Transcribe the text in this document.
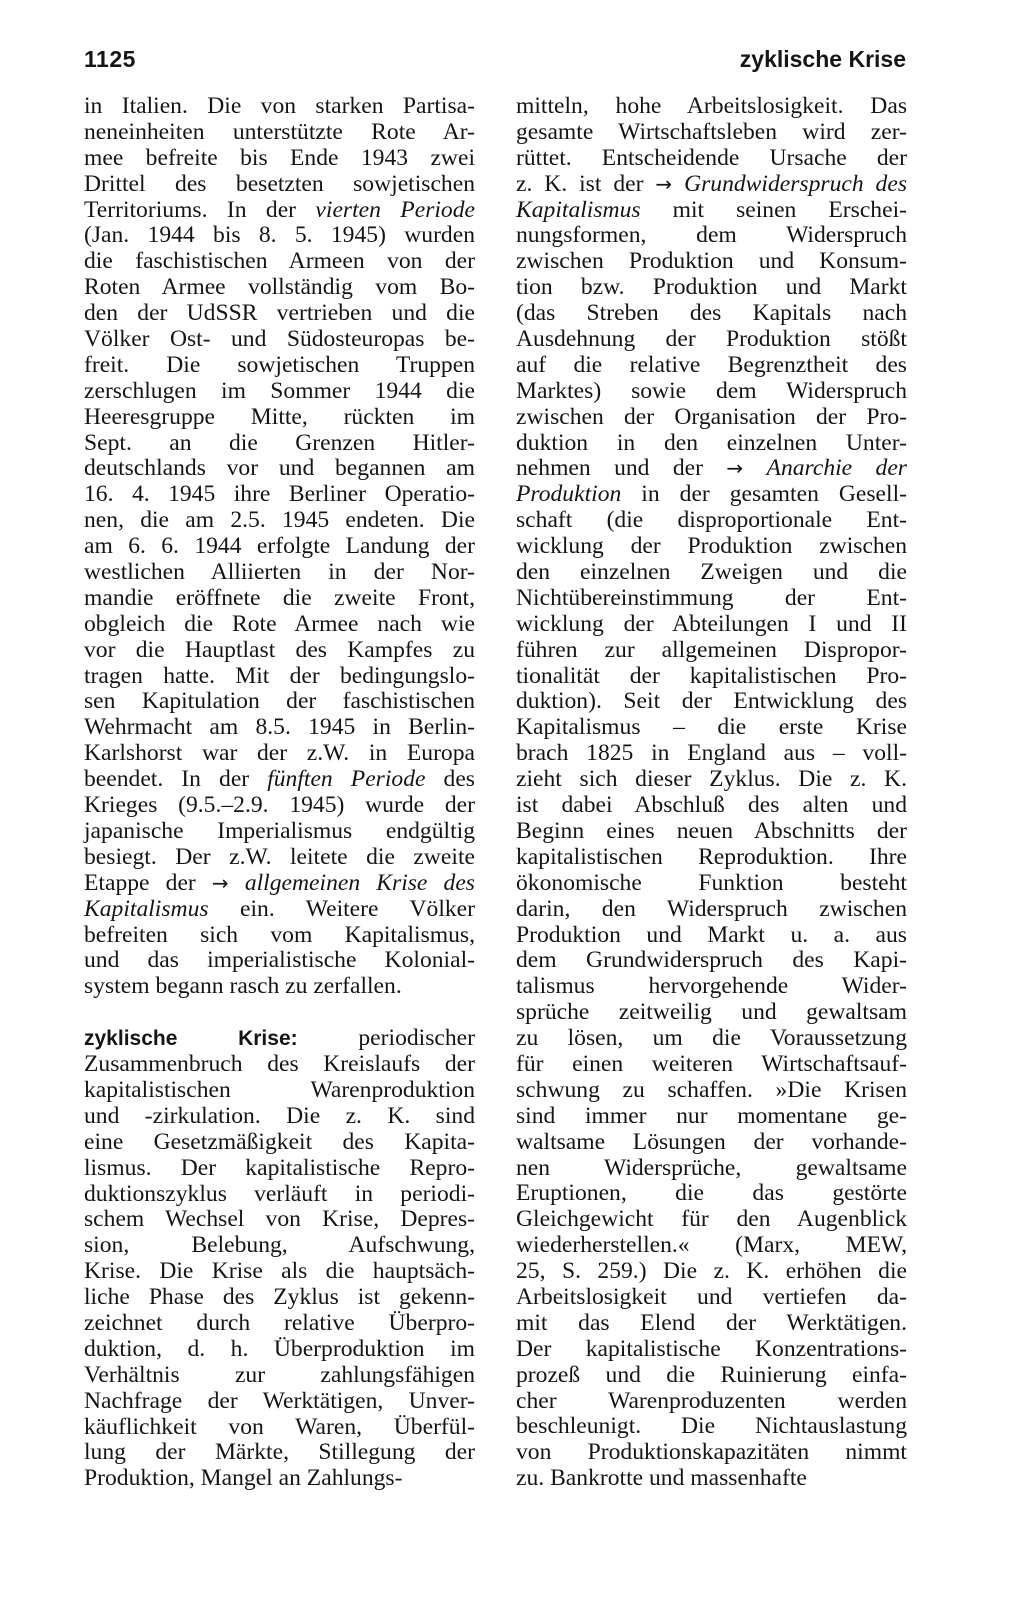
1125	zyklische Krise
in Italien. Die von starken Partisa-
neneinheiten unterstützte Rote Ar-
mee befreite bis Ende 1943 zwei
Drittel des besetzten sowjetischen
Territoriums. In der vierten Periode
(Jan. 1944 bis 8. 5. 1945) wurden
die faschistischen Armeen von der
Roten Armee vollständig vom Bo-
den der UdSSR vertrieben und die
Völker Ost- und Südosteuropas be-
freit. Die sowjetischen Truppen
zerschlugen im Sommer 1944 die
Heeresgruppe Mitte, rückten im
Sept. an die Grenzen Hitler-
deutschlands vor und begannen am
16. 4. 1945 ihre Berliner Operatio-
nen, die am 2.5. 1945 endeten. Die
am 6. 6. 1944 erfolgte Landung der
westlichen Alliierten in der Nor-
mandie eröffnete die zweite Front,
obgleich die Rote Armee nach wie
vor die Hauptlast des Kampfes zu
tragen hatte. Mit der bedingungslo-
sen Kapitulation der faschistischen
Wehrmacht am 8.5. 1945 in Berlin-
Karlshorst war der z.W. in Europa
beendet. In der fünften Periode des
Krieges (9.5.–2.9. 1945) wurde der
japanische Imperialismus endgültig
besiegt. Der z.W. leitete die zweite
Etappe der → allgemeinen Krise des
Kapitalismus ein. Weitere Völker
befreiten sich vom Kapitalismus,
und das imperialistische Kolonial-
system begann rasch zu zerfallen.
zyklische Krise: periodischer
Zusammenbruch des Kreislaufs der
kapitalistischen Warenproduktion
und -zirkulation. Die z. K. sind
eine Gesetzmäßigkeit des Kapita-
lismus. Der kapitalistische Repro-
duktionszyklus verläuft in periodi-
schem Wechsel von Krise, Depres-
sion, Belebung, Aufschwung,
Krise. Die Krise als die hauptsäch-
liche Phase des Zyklus ist gekenn-
zeichnet durch relative Überpro-
duktion, d. h. Überproduktion im
Verhältnis zur zahlungsfähigen
Nachfrage der Werktätigen, Unver-
käuflichkeit von Waren, Überfül-
lung der Märkte, Stillegung der
Produktion, Mangel an Zahlungs-
mitteln, hohe Arbeitslosigkeit. Das
gesamte Wirtschaftsleben wird zer-
rüttet. Entscheidende Ursache der
z. K. ist der → Grundwiderspruch des
Kapitalismus mit seinen Erschei-
nungsformen, dem Widerspruch
zwischen Produktion und Konsum-
tion bzw. Produktion und Markt
(das Streben des Kapitals nach
Ausdehnung der Produktion stößt
auf die relative Begrenztheit des
Marktes) sowie dem Widerspruch
zwischen der Organisation der Pro-
duktion in den einzelnen Unter-
nehmen und der → Anarchie der
Produktion in der gesamten Gesell-
schaft (die disproportionale Ent-
wicklung der Produktion zwischen
den einzelnen Zweigen und die
Nichtübereinstimmung der Ent-
wicklung der Abteilungen I und II
führen zur allgemeinen Dispropor-
tionalität der kapitalistischen Pro-
duktion). Seit der Entwicklung des
Kapitalismus – die erste Krise
brach 1825 in England aus – voll-
zieht sich dieser Zyklus. Die z. K.
ist dabei Abschluß des alten und
Beginn eines neuen Abschnitts der
kapitalistischen Reproduktion. Ihre
ökonomische Funktion besteht
darin, den Widerspruch zwischen
Produktion und Markt u. a. aus
dem Grundwiderspruch des Kapi-
talismus hervorgehende Wider-
sprüche zeitweilig und gewaltsam
zu lösen, um die Voraussetzung
für einen weiteren Wirtschaftsauf-
schwung zu schaffen. »Die Krisen
sind immer nur momentane ge-
waltsame Lösungen der vorhande-
nen Widersprüche, gewaltsame
Eruptionen, die das gestörte
Gleichgewicht für den Augenblick
wiederherstellen.« (Marx, MEW,
25, S. 259.) Die z. K. erhöhen die
Arbeitslosigkeit und vertiefen da-
mit das Elend der Werktätigen.
Der kapitalistische Konzentrations-
prozeß und die Ruinierung einfa-
cher Warenproduzenten werden
beschleunigt. Die Nichtauslastung
von Produktionskapazitäten nimmt
zu. Bankrotte und massenhafte
